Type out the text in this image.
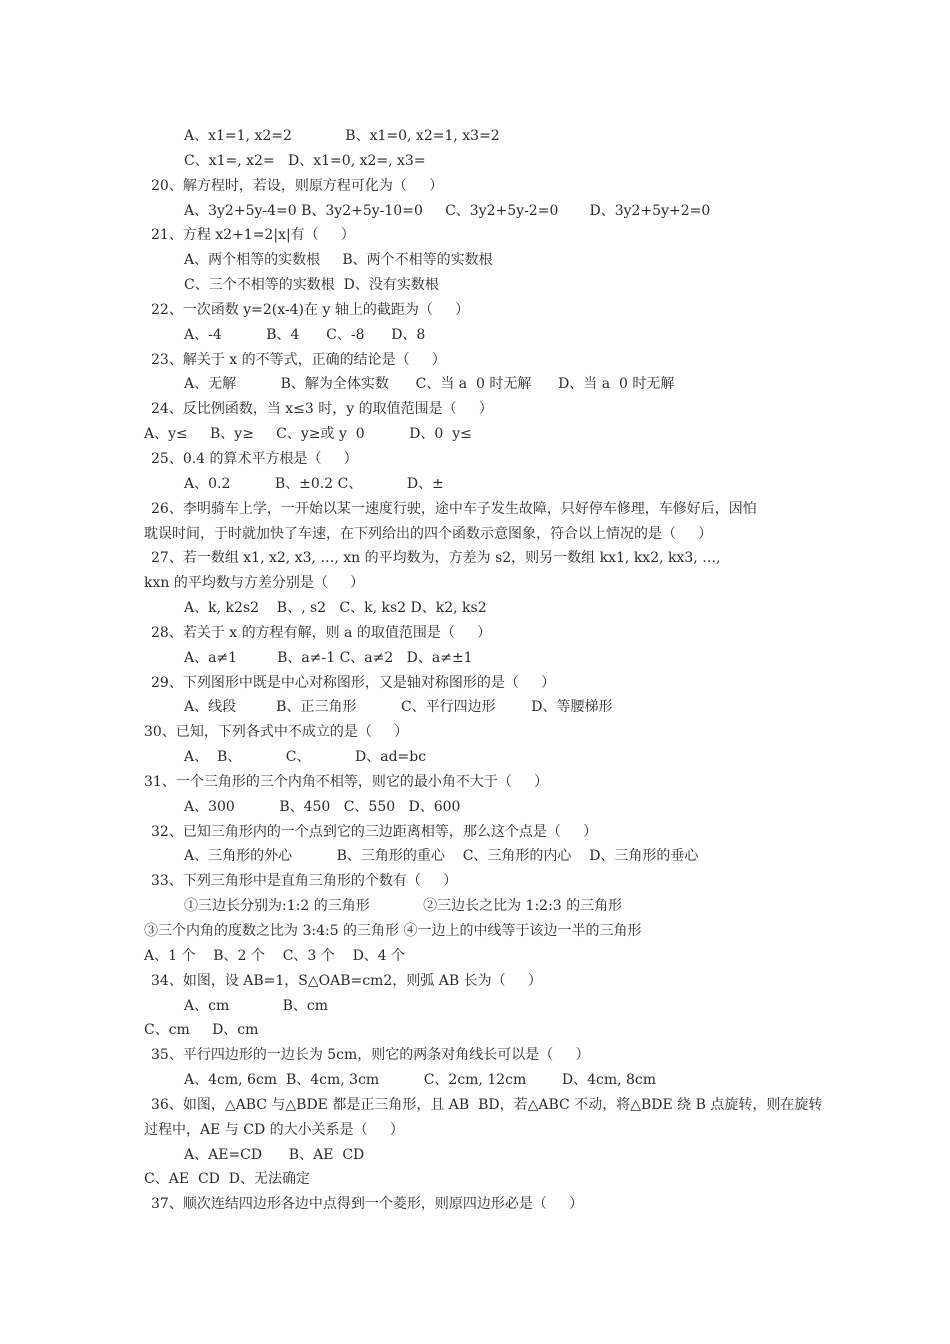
A、x1=1, x2=2            B、x1=0, x2=1, x3=2
C、x1=, x2=   D、x1=0, x2=, x3=
20、解方程时，若设，则原方程可化为（     ）
A、3y2+5y-4=0 B、3y2+5y-10=0     C、3y2+5y-2=0       D、3y2+5y+2=0
21、方程 x2+1=2|x|有（     ）
A、两个相等的实数根     B、两个不相等的实数根
C、三个不相等的实数根  D、没有实数根
22、一次函数 y=2(x-4)在 y 轴上的截距为（     ）
A、-4          B、4      C、-8      D、8
23、解关于 x 的不等式，正确的结论是（     ）
A、无解          B、解为全体实数      C、当 a  0 时无解      D、当 a  0 时无解
24、反比例函数，当 x≤3 时，y 的取值范围是（     ）
A、y≤     B、y≥     C、y≥或 y  0          D、0  y≤
25、0.4 的算术平方根是（     ）
A、0.2          B、±0.2 C、          D、±
26、李明骑车上学，一开始以某一速度行驶，途中车子发生故障，只好停车修理，车修好后，因怕
耽误时间，于时就加快了车速，在下列给出的四个函数示意图象，符合以上情况的是（     ）
27、若一数组 x1, x2, x3, …, xn 的平均数为，方差为 s2，则另一数组 kx1, kx2, kx3, …,
kxn 的平均数与方差分别是（     ）
A、k, k2s2    B、, s2   C、k, ks2 D、k2, ks2
28、若关于 x 的方程有解，则 a 的取值范围是（     ）
A、a≠1         B、a≠-1 C、a≠2   D、a≠±1
29、下列图形中既是中心对称图形，又是轴对称图形的是（     ）
A、线段         B、正三角形          C、平行四边形        D、等腰梯形
30、已知，下列各式中不成立的是（     ）
A、  B、          C、          D、ad=bc
31、一个三角形的三个内角不相等，则它的最小角不大于（     ）
A、300          B、450   C、550   D、600
32、已知三角形内的一个点到它的三边距离相等，那么这个点是（     ）
A、三角形的外心          B、三角形的重心    C、三角形的内心    D、三角形的垂心
33、下列三角形中是直角三角形的个数有（     ）
①三边长分别为:1:2 的三角形            ②三边长之比为 1:2:3 的三角形
③三个内角的度数之比为 3:4:5 的三角形 ④一边上的中线等于该边一半的三角形
A、1 个    B、2 个    C、3 个    D、4 个
34、如图，设 AB=1，S△OAB=cm2，则弧 AB 长为（     ）
A、cm            B、cm
C、cm     D、cm
35、平行四边形的一边长为 5cm，则它的两条对角线长可以是（     ）
A、4cm, 6cm  B、4cm, 3cm          C、2cm, 12cm        D、4cm, 8cm
36、如图，△ABC 与△BDE 都是正三角形，且 AB  BD，若△ABC 不动，将△BDE 绕 B 点旋转，则在旋转
过程中，AE 与 CD 的大小关系是（     ）
A、AE=CD      B、AE  CD
C、AE  CD  D、无法确定
37、顺次连结四边形各边中点得到一个菱形，则原四边形必是（     ）
